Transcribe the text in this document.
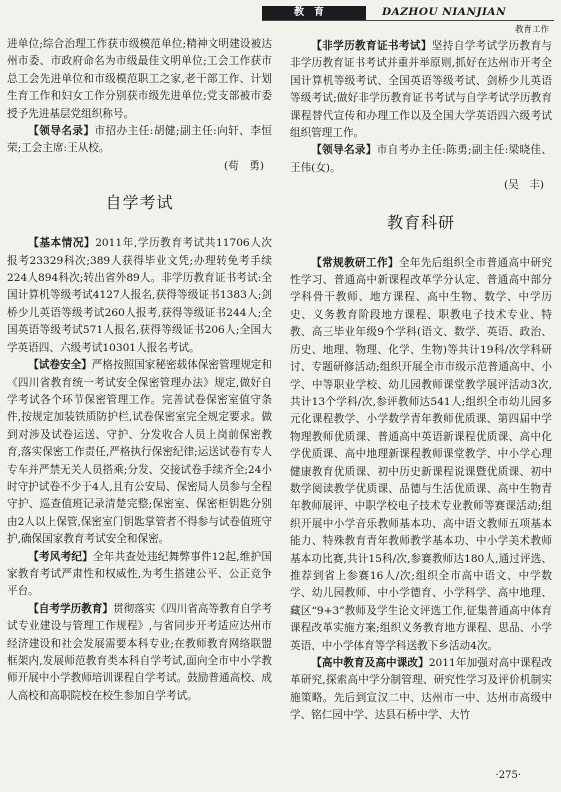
教育	DAZHOU NIANJIAN
教育工作

进单位;综合治理工作获市级模范单位;精神文明建设被达州市委、市政府命名为市级最佳文明单位;工会工作获市总工会先进单位和市级模范职工之家,老干部工作、计划生育工作和妇女工作分别获市级先进单位;党支部被市委授予先进基层党组织称号。

【领导名录】市招办主任:胡健;副主任:向轩、李恒荣;工会主席:王从校。

(苟　勇)

自学考试

【基本情况】2011年,学历教育考试共11706人次报考23329科次;389人获得毕业文凭;办理转免考手续224人894科次;转出省外89人。非学历教育证书考试:全国计算机等级考试4127人报名,获得等级证书1383人;剑桥少儿英语等级考试260人报考,获得等级证书244人;全国英语等级考试571人报名,获得等级证书206人;全国大学英语四、六级考试10301人报名考试。

【试卷安全】严格按照国家秘密载体保密管理规定和《四川省教育统一考试安全保密管理办法》规定,做好自学考试各个环节保密管理工作。完善试卷保密室值守条件,按规定加装铁质防护栏,试卷保密室完全规定要求。做到对涉及试卷运送、守护、分发收合人员上岗前保密教育,落实保密工作责任,严格执行保密纪律;运送试卷有专人专车并严禁无关人员搭乘;分发、交接试卷手续齐全;24小时守护试卷不少于4人,且有公安局、保密局人员参与全程守护、巡查值班记录清楚完整;保密室、保密柜钥匙分别由2人以上保管,保密室门钥匙掌管者不得参与试卷值班守护,确保国家教育考试安全和保密。

【考风考纪】全年共查处违纪舞弊事件12起,维护国家教育考试严肃性和权威性,为考生搭建公平、公正竞争平台。

【自考学历教育】贯彻落实《四川省高等教育自学考试专业建设与管理工作规程》,与省同步开考适应达州市经济建设和社会发展需要本科专业;在教师教育网络联盟框架内,发展师范教育类本科自学考试,面向全市中小学教师开展中小学教师培训课程自学考试。鼓励普通高校、成人高校和高职院校在校生参加自学考试。

【非学历教育证书考试】坚持自学考试学历教育与非学历教育证书考试并重并举原则,抓好在达州市开考全国计算机等级考试、全国英语等级考试、剑桥少儿英语等级考试;做好非学历教育证书考试与自学考试学历教育课程替代宣传和办理工作以及全国大学英语四六级考试组织管理工作。

【领导名录】市自考办主任:陈勇;副主任:梁晓佳、王伟(女)。

(吴　丰)

教育科研

【常规教研工作】全年先后组织全市普通高中研究性学习、普通高中新课程改革学分认定、普通高中部分学科骨干教师、地方课程、高中生物、数学、中学历史、义务教育阶段地方课程、职教电子技术专业、特教、高三毕业年级9个学科(语文、数学、英语、政治、历史、地理、物理、化学、生物)等共计19科/次学科研讨、专题研修活动;组织开展全市市级示范普通高中、小学、中等职业学校、幼儿园教师课堂教学展评活动3次,共计13个学科/次,参评教师达541人;组织全市幼儿园多元化课程教学、小学数学青年教师优质课、第四届中学物理教师优质课、普通高中英语新课程优质课、高中化学优质课、高中地理新课程教师课堂教学、中小学心理健康教育优质课、初中历史新课程说课暨优质课、初中数学阅读教学优质课、品德与生活优质课、高中生物青年教师展评、中职学校电子技术专业教师等赛课活动;组织开展中小学音乐教师基本功、高中语文教师五项基本能力、特殊教育青年教师教学基本功、中小学美术教师基本功比赛,共计15科/次,参赛教师达180人,通过评选、推荐到省上参赛16人/次;组织全市高中语文、中学数学、幼儿园教师、中小学德育、小学科学、高中地理、藏区“9+3”教师及学生论文评选工作,征集普通高中体育课程改革实施方案;组织义务教育地方课程、思品、小学英语、中小学体育等学科送教下乡活动4次。

【高中教育及高中课改】2011年加强对高中课程改革研究,探索高中学分制管理、研究性学习及评价机制实施策略。先后到宣汉二中、达州市一中、达州市高级中学、铭仁园中学、达县石桥中学、大竹

·275·
